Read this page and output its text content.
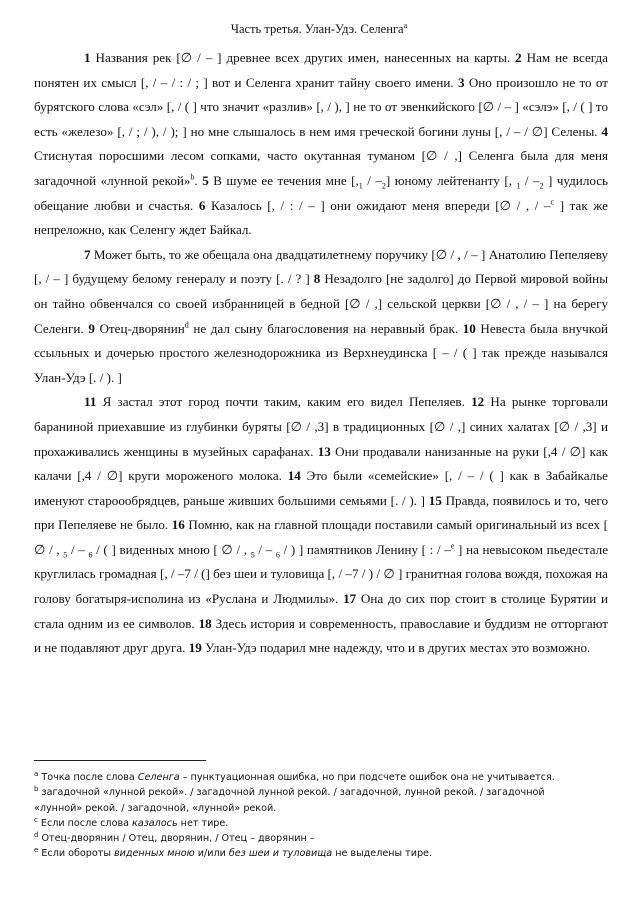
Часть третья. Улан-Удэ. Селенга$^a$

1 Названия рек [∅ / – ] древнее всех других имен, нанесенных на карты. 2 Нам не всегда понятен их смысл [, / – / : / ; ] вот и Селенга хранит тайну своего имени. 3 Оно произошло не то от бурятского слова «сэл» [, / ( ] что значит «разлив» [, / ), ] не то от эвенкийского [∅ / – ] «сэлэ» [, / ( ] то есть «железо» [, / ; / ), / ); ] но мне слышалось в нем имя греческой богини луны [, / – / ∅] Селены. 4 Стиснутая поросшими лесом сопками, часто окутанная туманом [∅ / ,] Селенга была для меня загадочной «лунной рекой»$^b$. 5 В шуме ее течения мне $[,_1 / -_2]$ юному лейтенанту [, $_1 / -_2$ ] чудилось обещание любви и счастья. 6 Казалось [, / : / – ] они ожидают меня впереди [∅ / , / –$^c$ ] так же непреложно, как Селенгу ждет Байкал.

7 Может быть, то же обещала она двадцатилетнему поручику [∅ / , / – ] Анатолию Пепеляеву [, / – ] будущему белому генералу и поэту [. / ? ] 8 Незадолго [не задолго] до Первой мировой войны он тайно обвенчался со своей избранницей в бедной [∅ / ,] сельской церкви [∅ / , / – ] на берегу Селенги. 9 Отец-дворянин$^d$ не дал сыну благословения на неравный брак. 10 Невеста была внучкой ссыльных и дочерью простого железнодорожника из Верхнеудинска [ – / ( ] так прежде назывался Улан-Удэ [. / ). ]

11 Я застал этот город почти таким, каким его видел Пепеляев. 12 На рынке торговали бараниной приехавшие из глубинки буряты [∅ / ,3] в традиционных [∅ / ,] синих халатах [∅ / ,3] и прохаживались женщины в музейных сарафанах. 13 Они продавали нанизанные на руки [,4 / ∅] как калачи [,4 / ∅] круги мороженого молока. 14 Это были «семейские» [, / – / ( ] как в Забайкалье именуют староообрядцев, раньше живших большими семьями [. / ). ] 15 Правда, появилось и то, чего при Пепеляеве не было. 16 Помню, как на главной площади поставили самый оригинальный из всех [ ∅ / , $_5$ / – $_6$ / ( ] виденных мною [ ∅ / , $_5$ / – $_6$ / ) ] памятников Ленину [ : / –$^e$ ] на невысоком пьедестале круглилась громадная [, / –7 / (] без шеи и туловища [, / –7 / ) / ∅ ] гранитная голова вождя, похожая на голову богатыря-исполина из «Руслана и Людмилы». 17 Она до сих пор стоит в столице Бурятии и стала одним из ее символов. 18 Здесь история и современность, православие и буддизм не отторгают и не подавляют друг друга. 19 Улан-Удэ подарил мне надежду, что и в других местах это возможно.

$^a$ Точка после слова Селенга – пунктуационная ошибка, но при подсчете ошибок она не учитывается.
$^b$ загадочной «лунной рекой». / загадочной лунной рекой. / загадочной, лунной рекой. / загадочной
«лунной» рекой. / загадочной, «лунной» рекой.
$^c$ Если после слова казалось нет тире.
$^d$ Отец-дворянин / Отец, дворянин, / Отец – дворянин –
$^e$ Если обороты виденных мною и/или без шеи и туловища не выделены тире.
